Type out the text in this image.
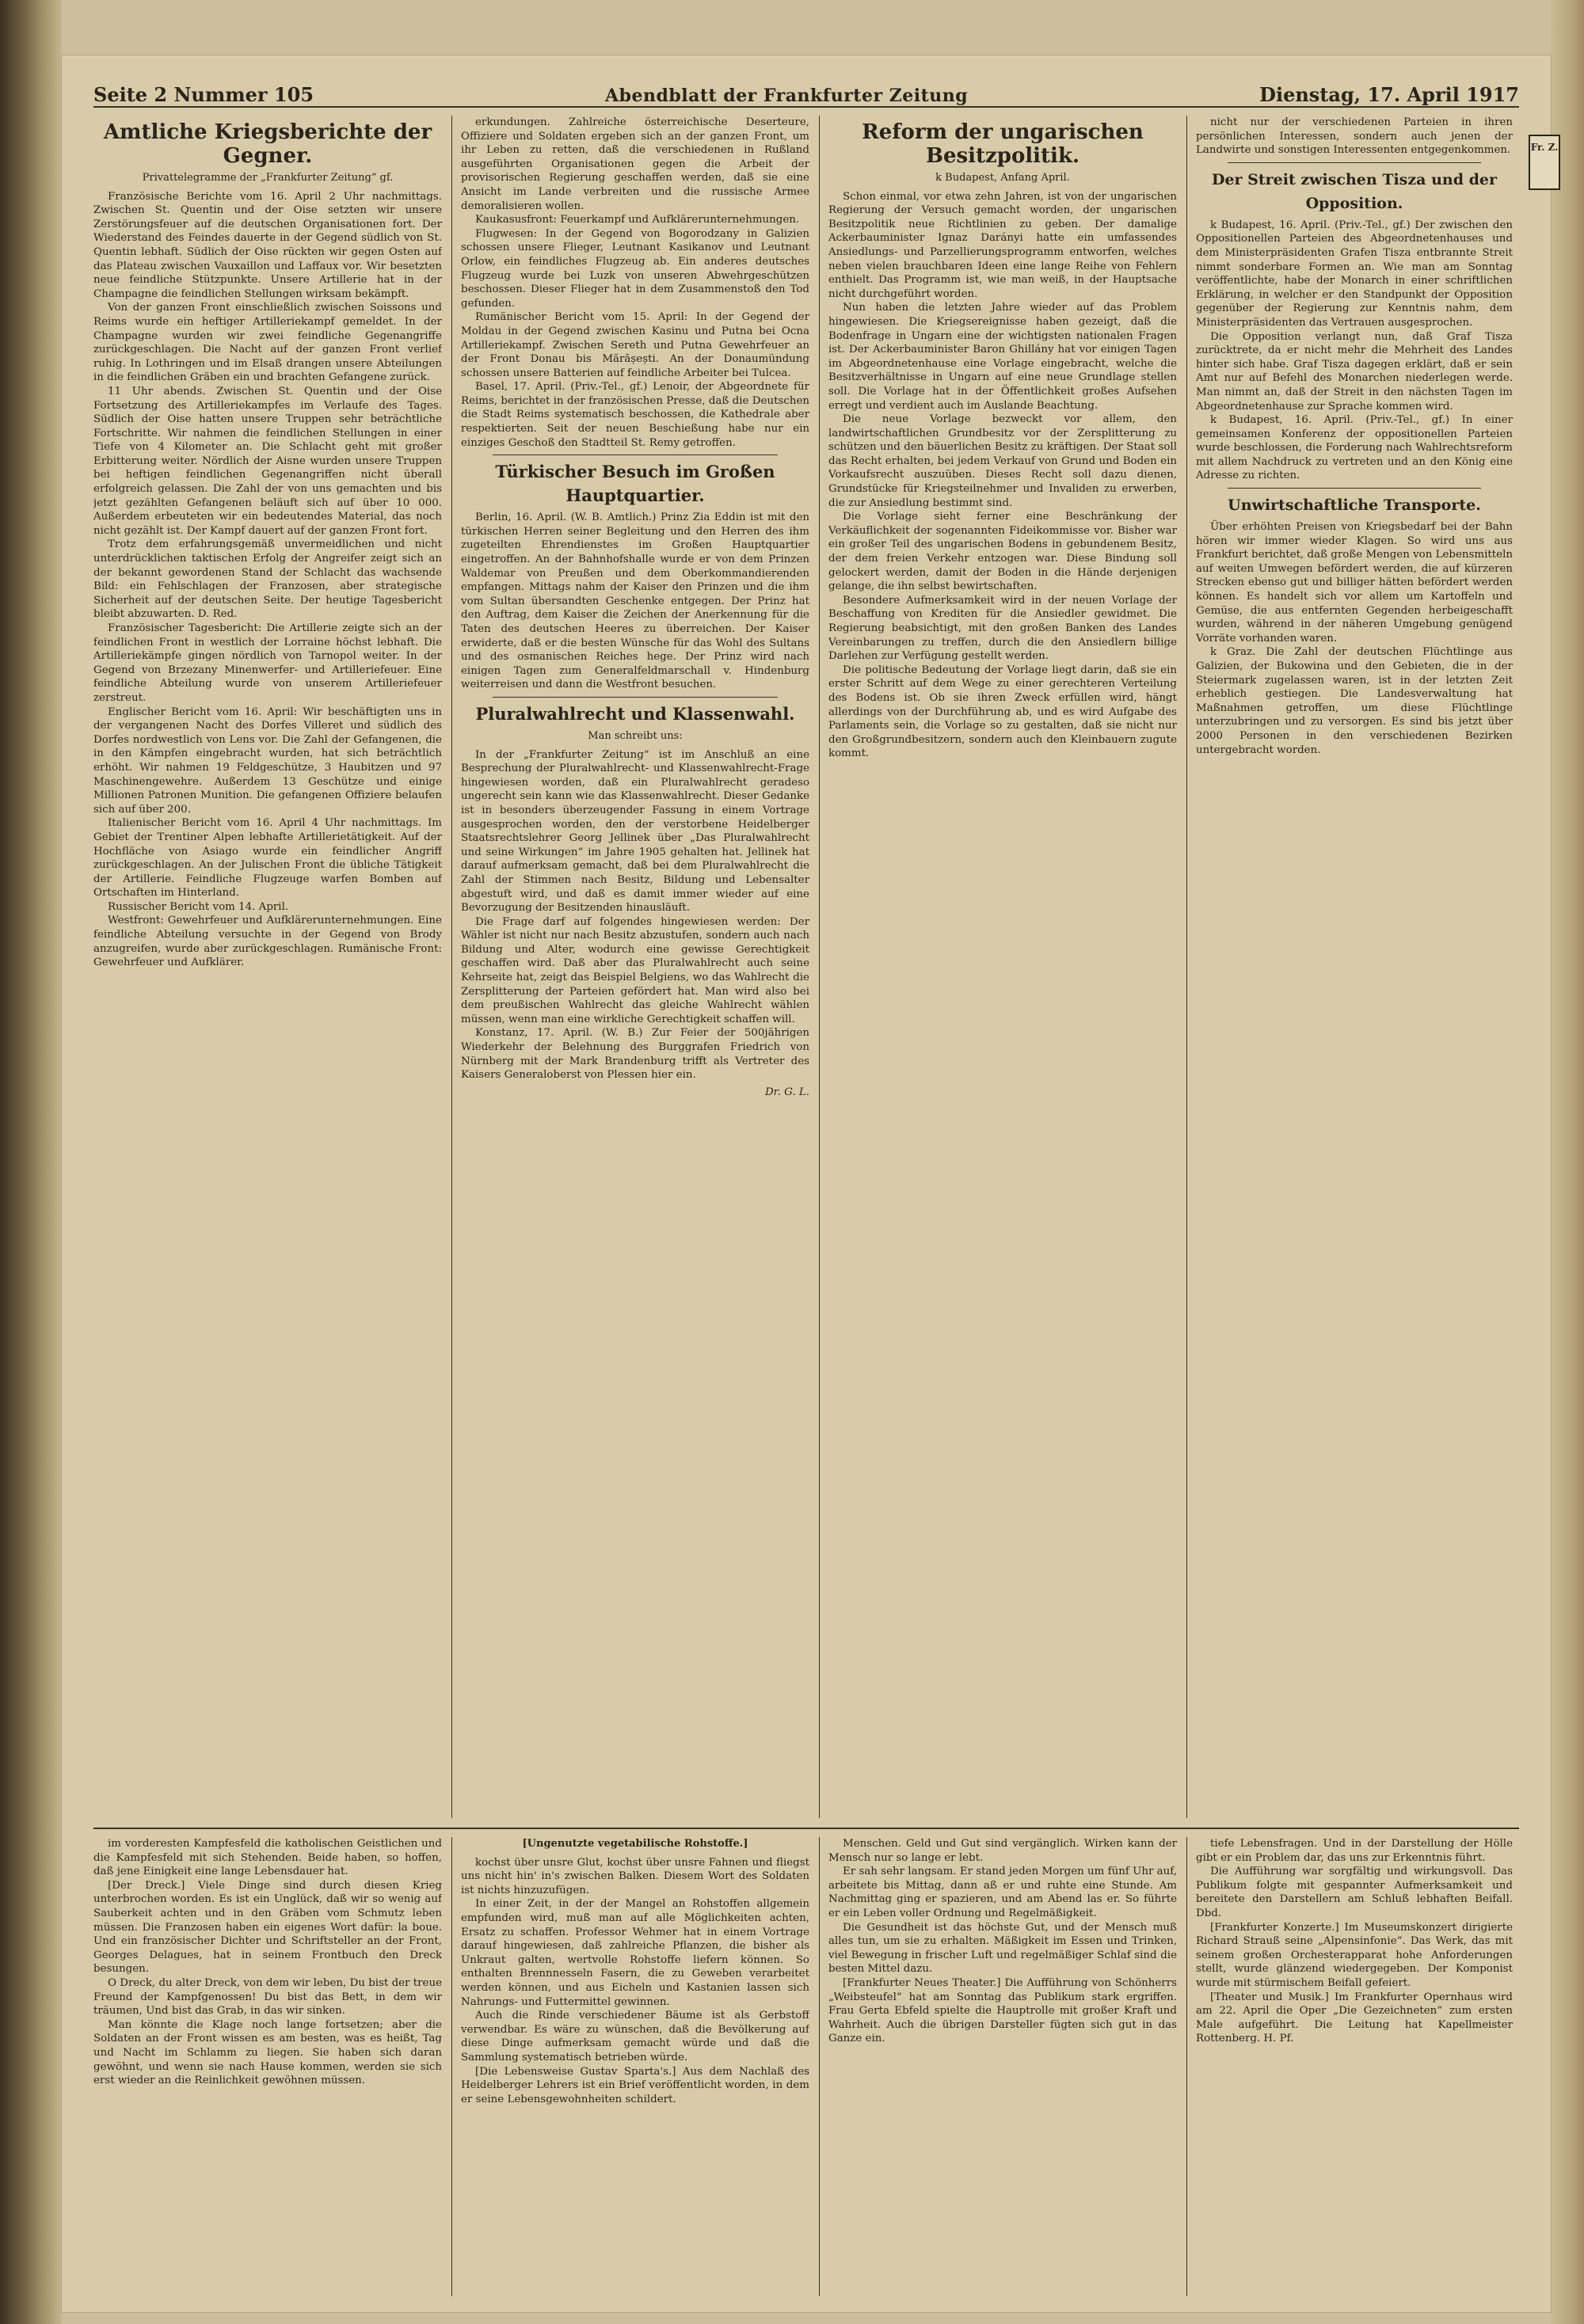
Seite 2 Nummer 105	Abendblatt der Frankfurter Zeitung	Dienstag, 17. April 1917
Fr. Z.
Amtliche Kriegsberichte der Gegner.
Privattelegramme der „Frankfurter Zeitung“ gf.

Französische Berichte vom 16. April 2 Uhr nachmittags. Zwischen St. Quentin und der Oise setzten wir unsere Zerstörungsfeuer auf die deutschen Organisationen fort. Der Wiederstand des Feindes dauerte in der Gegend südlich von St. Quentin lebhaft. Südlich der Oise rückten wir gegen Osten auf das Plateau zwischen Vauxaillon und Laffaux vor. Wir besetzten neue feindliche Stützpunkte. Unsere Artillerie hat in der Champagne die feindlichen Stellungen wirksam bekämpft.

Von der ganzen Front einschließlich zwischen Soissons und Reims wurde ein heftiger Artilleriekampf gemeldet. In der Champagne wurden wir zwei feindliche Gegenangriffe zurückgeschlagen. Die Nacht auf der ganzen Front verlief ruhig. In Lothringen und im Elsaß drangen unsere Abteilungen in die feindlichen Gräben ein und brachten Gefangene zurück.

11 Uhr abends. Zwischen St. Quentin und der Oise Fortsetzung des Artilleriekampfes im Verlaufe des Tages. Südlich der Oise hatten unsere Truppen sehr beträchtliche Fortschritte. Wir nahmen die feindlichen Stellungen in einer Tiefe von 4 Kilometer an. Die Schlacht geht mit großer Erbitterung weiter. Nördlich der Aisne wurden unsere Truppen bei heftigen feindlichen Gegenangriffen nicht überall erfolgreich gelassen. Die Zahl der von uns gemachten und bis jetzt gezählten Gefangenen beläuft sich auf über 10 000. Außerdem erbeuteten wir ein bedeutendes Material, das noch nicht gezählt ist. Der Kampf dauert auf der ganzen Front fort.

Trotz dem erfahrungsgemäß unvermeidlichen und nicht unterdrücklichen taktischen Erfolg der Angreifer zeigt sich an der bekannt gewordenen Stand der Schlacht das wachsende Bild: ein Fehlschlagen der Franzosen, aber strategische Sicherheit auf der deutschen Seite. Der heutige Tagesbericht bleibt abzuwarten. D. Red.

Französischer Tagesbericht: Die Artillerie zeigte sich an der feindlichen Front in westlich der Lorraine höchst lebhaft. Die Artilleriekämpfe gingen nördlich von Tarnopol weiter. In der Gegend von Brzezany Minenwerfer- und Artilleriefeuer. Eine feindliche Abteilung wurde von unserem Artilleriefeuer zerstreut.

Englischer Bericht vom 16. April: Wir beschäftigten uns in der vergangenen Nacht des Dorfes Villeret und südlich des Dorfes nordwestlich von Lens vor. Die Zahl der Gefangenen, die in den Kämpfen eingebracht wurden, hat sich beträchtlich erhöht. Wir nahmen 19 Feldgeschütze, 3 Haubitzen und 97 Maschinengewehre. Außerdem 13 Geschütze und einige Millionen Patronen Munition. Die gefangenen Offiziere belaufen sich auf über 200.

Italienischer Bericht vom 16. April 4 Uhr nachmittags. Im Gebiet der Trentiner Alpen lebhafte Artillerietätigkeit. Auf der Hochfläche von Asiago wurde ein feindlicher Angriff zurückgeschlagen. An der Julischen Front die übliche Tätigkeit der Artillerie. Feindliche Flugzeuge warfen Bomben auf Ortschaften im Hinterland.

Russischer Bericht vom 14. April.

Westfront: Gewehrfeuer und Aufklärerunternehmungen. Eine feindliche Abteilung versuchte in der Gegend von Brody anzugreifen, wurde aber zurückgeschlagen. Rumänische Front: Gewehrfeuer und Aufklärer.

erkundungen. Zahlreiche österreichische Deserteure, Offiziere und Soldaten ergeben sich an der ganzen Front, um ihr Leben zu retten, daß die verschiedenen in Rußland ausgeführten Organisationen gegen die Arbeit der provisorischen Regierung geschaffen werden, daß sie eine Ansicht im Lande verbreiten und die russische Armee demoralisieren wollen.

Kaukasusfront: Feuerkampf und Aufklärerunternehmungen.

Flugwesen: In der Gegend von Bogorodzany in Galizien schossen unsere Flieger, Leutnant Kasikanov und Leutnant Orlow, ein feindliches Flugzeug ab. Ein anderes deutsches Flugzeug wurde bei Luzk von unseren Abwehrgeschützen beschossen. Dieser Flieger hat in dem Zusammenstoß den Tod gefunden.

Rumänischer Bericht vom 15. April: In der Gegend der Moldau in der Gegend zwischen Kasinu und Putna bei Ocna Artilleriekampf. Zwischen Sereth und Putna Gewehrfeuer an der Front Donau bis Mărășești. An der Donaumündung schossen unsere Batterien auf feindliche Arbeiter bei Tulcea.

Basel, 17. April. (Priv.-Tel., gf.) Lenoir, der Abgeordnete für Reims, berichtet in der französischen Presse, daß die Deutschen die Stadt Reims systematisch beschossen, die Kathedrale aber respektierten. Seit der neuen Beschießung habe nur ein einziges Geschoß den Stadtteil St. Remy getroffen.

Türkischer Besuch im Großen Hauptquartier.

Berlin, 16. April. (W. B. Amtlich.) Prinz Zia Eddin ist mit den türkischen Herren seiner Begleitung und den Herren des ihm zugeteilten Ehrendienstes im Großen Hauptquartier eingetroffen. An der Bahnhofshalle wurde er von dem Prinzen Waldemar von Preußen und dem Oberkommandierenden empfangen. Mittags nahm der Kaiser den Prinzen und die ihm vom Sultan übersandten Geschenke entgegen. Der Prinz hat den Auftrag, dem Kaiser die Zeichen der Anerkennung für die Taten des deutschen Heeres zu überreichen. Der Kaiser erwiderte, daß er die besten Wünsche für das Wohl des Sultans und des osmanischen Reiches hege. Der Prinz wird nach einigen Tagen zum Generalfeldmarschall v. Hindenburg weiterreisen und dann die Westfront besuchen.

Pluralwahlrecht und Klassenwahl.
Man schreibt uns:

In der „Frankfurter Zeitung“ ist im Anschluß an eine Besprechung der Pluralwahlrecht- und Klassenwahlrecht-Frage hingewiesen worden, daß ein Pluralwahlrecht geradeso ungerecht sein kann wie das Klassenwahlrecht. Dieser Gedanke ist in besonders überzeugender Fassung in einem Vortrage ausgesprochen worden, den der verstorbene Heidelberger Staatsrechtslehrer Georg Jellinek über „Das Pluralwahlrecht und seine Wirkungen“ im Jahre 1905 gehalten hat. Jellinek hat darauf aufmerksam gemacht, daß bei dem Pluralwahlrecht die Zahl der Stimmen nach Besitz, Bildung und Lebensalter abgestuft wird, und daß es damit immer wieder auf eine Bevorzugung der Besitzenden hinausläuft.

Die Frage darf auf folgendes hingewiesen werden: Der Wähler ist nicht nur nach Besitz abzustufen, sondern auch nach Bildung und Alter, wodurch eine gewisse Gerechtigkeit geschaffen wird. Daß aber das Pluralwahlrecht auch seine Kehrseite hat, zeigt das Beispiel Belgiens, wo das Wahlrecht die Zersplitterung der Parteien gefördert hat. Man wird also bei dem preußischen Wahlrecht das gleiche Wahlrecht wählen müssen, wenn man eine wirkliche Gerechtigkeit schaffen will.

Konstanz, 17. April. (W. B.) Zur Feier der 500jährigen Wiederkehr der Belehnung des Burggrafen Friedrich von Nürnberg mit der Mark Brandenburg trifft als Vertreter des Kaisers Generaloberst von Plessen hier ein.

Dr. G. L.
Reform der ungarischen Besitzpolitik.
k Budapest, Anfang April.

Schon einmal, vor etwa zehn Jahren, ist von der ungarischen Regierung der Versuch gemacht worden, der ungarischen Besitzpolitik neue Richtlinien zu geben. Der damalige Ackerbauminister Ignaz Darányi hatte ein umfassendes Ansiedlungs- und Parzellierungsprogramm entworfen, welches neben vielen brauchbaren Ideen eine lange Reihe von Fehlern enthielt. Das Programm ist, wie man weiß, in der Hauptsache nicht durchgeführt worden.

Nun haben die letzten Jahre wieder auf das Problem hingewiesen. Die Kriegsereignisse haben gezeigt, daß die Bodenfrage in Ungarn eine der wichtigsten nationalen Fragen ist. Der Ackerbauminister Baron Ghillány hat vor einigen Tagen im Abgeordnetenhause eine Vorlage eingebracht, welche die Besitzverhältnisse in Ungarn auf eine neue Grundlage stellen soll. Die Vorlage hat in der Öffentlichkeit großes Aufsehen erregt und verdient auch im Auslande Beachtung.

Die neue Vorlage bezweckt vor allem, den landwirtschaftlichen Grundbesitz vor der Zersplitterung zu schützen und den bäuerlichen Besitz zu kräftigen. Der Staat soll das Recht erhalten, bei jedem Verkauf von Grund und Boden ein Vorkaufsrecht auszuüben. Dieses Recht soll dazu dienen, Grundstücke für Kriegsteilnehmer und Invaliden zu erwerben, die zur Ansiedlung bestimmt sind.

Die Vorlage sieht ferner eine Beschränkung der Verkäuflichkeit der sogenannten Fideikommisse vor. Bisher war ein großer Teil des ungarischen Bodens in gebundenem Besitz, der dem freien Verkehr entzogen war. Diese Bindung soll gelockert werden, damit der Boden in die Hände derjenigen gelange, die ihn selbst bewirtschaften.

Besondere Aufmerksamkeit wird in der neuen Vorlage der Beschaffung von Krediten für die Ansiedler gewidmet. Die Regierung beabsichtigt, mit den großen Banken des Landes Vereinbarungen zu treffen, durch die den Ansiedlern billige Darlehen zur Verfügung gestellt werden.

Die politische Bedeutung der Vorlage liegt darin, daß sie ein erster Schritt auf dem Wege zu einer gerechteren Verteilung des Bodens ist. Ob sie ihren Zweck erfüllen wird, hängt allerdings von der Durchführung ab, und es wird Aufgabe des Parlaments sein, die Vorlage so zu gestalten, daß sie nicht nur den Großgrundbesitzern, sondern auch den Kleinbauern zugute kommt.

nicht nur der verschiedenen Parteien in ihren persönlichen Interessen, sondern auch jenen der Landwirte und sonstigen Interessenten entgegenkommen.

Der Streit zwischen Tisza und der Opposition.

k Budapest, 16. April. (Priv.-Tel., gf.) Der zwischen den Oppositionellen Parteien des Abgeordnetenhauses und dem Ministerpräsidenten Grafen Tisza entbrannte Streit nimmt sonderbare Formen an. Wie man am Sonntag veröffentlichte, habe der Monarch in einer schriftlichen Erklärung, in welcher er den Standpunkt der Opposition gegenüber der Regierung zur Kenntnis nahm, dem Ministerpräsidenten das Vertrauen ausgesprochen.

Die Opposition verlangt nun, daß Graf Tisza zurücktrete, da er nicht mehr die Mehrheit des Landes hinter sich habe. Graf Tisza dagegen erklärt, daß er sein Amt nur auf Befehl des Monarchen niederlegen werde. Man nimmt an, daß der Streit in den nächsten Tagen im Abgeordnetenhause zur Sprache kommen wird.

k Budapest, 16. April. (Priv.-Tel., gf.) In einer gemeinsamen Konferenz der oppositionellen Parteien wurde beschlossen, die Forderung nach Wahlrechtsreform mit allem Nachdruck zu vertreten und an den König eine Adresse zu richten.

Unwirtschaftliche Transporte.

Über erhöhten Preisen von Kriegsbedarf bei der Bahn hören wir immer wieder Klagen. So wird uns aus Frankfurt berichtet, daß große Mengen von Lebensmitteln auf weiten Umwegen befördert werden, die auf kürzeren Strecken ebenso gut und billiger hätten befördert werden können. Es handelt sich vor allem um Kartoffeln und Gemüse, die aus entfernten Gegenden herbeigeschafft wurden, während in der näheren Umgebung genügend Vorräte vorhanden waren.

k Graz. Die Zahl der deutschen Flüchtlinge aus Galizien, der Bukowina und den Gebieten, die in der Steiermark zugelassen waren, ist in der letzten Zeit erheblich gestiegen. Die Landesverwaltung hat Maßnahmen getroffen, um diese Flüchtlinge unterzubringen und zu versorgen. Es sind bis jetzt über 2000 Personen in den verschiedenen Bezirken untergebracht worden.

im vorderesten Kampfesfeld die katholischen Geistlichen und die Kampfesfeld mit sich Stehenden. Beide haben, so hoffen, daß jene Einigkeit eine lange Lebensdauer hat.

[Der Dreck.] Viele Dinge sind durch diesen Krieg unterbrochen worden. Es ist ein Unglück, daß wir so wenig auf Sauberkeit achten und in den Gräben vom Schmutz leben müssen. Die Franzosen haben ein eigenes Wort dafür: la boue. Und ein französischer Dichter und Schriftsteller an der Front, Georges Delagues, hat in seinem Frontbuch den Dreck besungen.

O Dreck, du alter Dreck, von dem wir leben, Du bist der treue Freund der Kampfgenossen! Du bist das Bett, in dem wir träumen, Und bist das Grab, in das wir sinken.

Man könnte die Klage noch lange fortsetzen; aber die Soldaten an der Front wissen es am besten, was es heißt, Tag und Nacht im Schlamm zu liegen. Sie haben sich daran gewöhnt, und wenn sie nach Hause kommen, werden sie sich erst wieder an die Reinlichkeit gewöhnen müssen.

[Ungenutzte vegetabilische Rohstoffe.]

kochst über unsre Glut, kochst über unsre Fahnen und fliegst uns nicht hin' in's zwischen Balken. Diesem Wort des Soldaten ist nichts hinzuzufügen.

In einer Zeit, in der der Mangel an Rohstoffen allgemein empfunden wird, muß man auf alle Möglichkeiten achten, Ersatz zu schaffen. Professor Wehmer hat in einem Vortrage darauf hingewiesen, daß zahlreiche Pflanzen, die bisher als Unkraut galten, wertvolle Rohstoffe liefern können. So enthalten Brennnesseln Fasern, die zu Geweben verarbeitet werden können, und aus Eicheln und Kastanien lassen sich Nahrungs- und Futtermittel gewinnen.

Auch die Rinde verschiedener Bäume ist als Gerbstoff verwendbar. Es wäre zu wünschen, daß die Bevölkerung auf diese Dinge aufmerksam gemacht würde und daß die Sammlung systematisch betrieben würde.

[Die Lebensweise Gustav Sparta's.] Aus dem Nachlaß des Heidelberger Lehrers ist ein Brief veröffentlicht worden, in dem er seine Lebensgewohnheiten schildert.

Menschen. Geld und Gut sind vergänglich. Wirken kann der Mensch nur so lange er lebt.

Er sah sehr langsam. Er stand jeden Morgen um fünf Uhr auf, arbeitete bis Mittag, dann aß er und ruhte eine Stunde. Am Nachmittag ging er spazieren, und am Abend las er. So führte er ein Leben voller Ordnung und Regelmäßigkeit.

Die Gesundheit ist das höchste Gut, und der Mensch muß alles tun, um sie zu erhalten. Mäßigkeit im Essen und Trinken, viel Bewegung in frischer Luft und regelmäßiger Schlaf sind die besten Mittel dazu.

[Frankfurter Neues Theater.] Die Aufführung von Schönherrs „Weibsteufel“ hat am Sonntag das Publikum stark ergriffen. Frau Gerta Ebfeld spielte die Hauptrolle mit großer Kraft und Wahrheit. Auch die übrigen Darsteller fügten sich gut in das Ganze ein.

tiefe Lebensfragen. Und in der Darstellung der Hölle gibt er ein Problem dar, das uns zur Erkenntnis führt.

Die Aufführung war sorgfältig und wirkungsvoll. Das Publikum folgte mit gespannter Aufmerksamkeit und bereitete den Darstellern am Schluß lebhaften Beifall. Dbd.

[Frankfurter Konzerte.] Im Museumskonzert dirigierte Richard Strauß seine „Alpensinfonie“. Das Werk, das mit seinem großen Orchesterapparat hohe Anforderungen stellt, wurde glänzend wiedergegeben. Der Komponist wurde mit stürmischem Beifall gefeiert.

[Theater und Musik.] Im Frankfurter Opernhaus wird am 22. April die Oper „Die Gezeichneten“ zum ersten Male aufgeführt. Die Leitung hat Kapellmeister Rottenberg. H. Pf.
